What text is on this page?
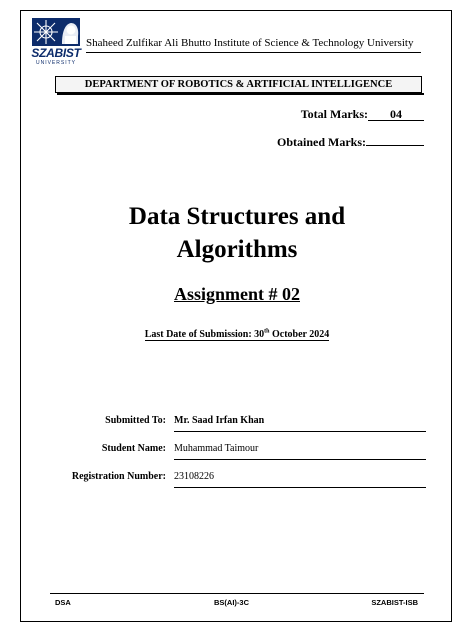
SZABIST
UNIVERSITY
Shaheed Zulfikar Ali Bhutto Institute of Science & Technology University
DEPARTMENT OF ROBOTICS & ARTIFICIAL INTELLIGENCE
Total Marks: 04
Obtained Marks:
Data Structures and
Algorithms
Assignment # 02
Last Date of Submission: 30th October 2024
Submitted To: Mr. Saad Irfan Khan
Student Name: Muhammad Taimour
Registration Number: 23108226
DSA	BS(AI)-3C	SZABIST-ISB
